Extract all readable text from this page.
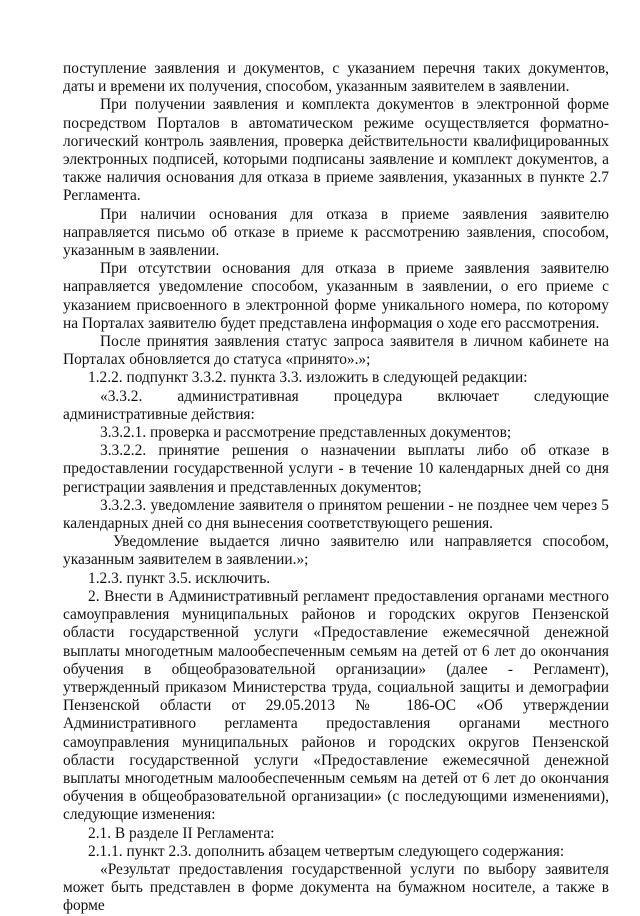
поступление заявления и документов, с указанием перечня таких документов, даты и времени их получения, способом, указанным заявителем в заявлении.

При получении заявления и комплекта документов в электронной форме посредством Порталов в автоматическом режиме осуществляется форматно-логический контроль заявления, проверка действительности квалифицированных электронных подписей, которыми подписаны заявление и комплект документов, а также наличия основания для отказа в приеме заявления, указанных в пункте 2.7 Регламента.

При наличии основания для отказа в приеме заявления заявителю направляется письмо об отказе в приеме к рассмотрению заявления, способом, указанным в заявлении.

При отсутствии основания для отказа в приеме заявления заявителю направляется уведомление способом, указанным в заявлении, о его приеме с указанием присвоенного в электронной форме уникального номера, по которому на Порталах заявителю будет представлена информация о ходе его рассмотрения.

После принятия заявления статус запроса заявителя в личном кабинете на Порталах обновляется до статуса «принято».»;

1.2.2. подпункт 3.3.2. пункта 3.3. изложить в следующей редакции:

«3.3.2. административная процедура включает следующие административные действия:

3.3.2.1. проверка и рассмотрение представленных документов;

3.3.2.2. принятие решения о назначении выплаты либо об отказе в предоставлении государственной услуги - в течение 10 календарных дней со дня регистрации заявления и представленных документов;

3.3.2.3. уведомление заявителя о принятом решении - не позднее чем через 5 календарных дней со дня вынесения соответствующего решения.

Уведомление выдается лично заявителю или направляется способом, указанным заявителем в заявлении.»;

1.2.3. пункт 3.5. исключить.

2. Внести в Административный регламент предоставления органами местного самоуправления муниципальных районов и городских округов Пензенской области государственной услуги «Предоставление ежемесячной денежной выплаты многодетным малообеспеченным семьям на детей от 6 лет до окончания обучения в общеобразовательной организации» (далее - Регламент), утвержденный приказом Министерства труда, социальной защиты и демографии Пензенской области от 29.05.2013 № 186-ОС «Об утверждении Административного регламента предоставления органами местного самоуправления муниципальных районов и городских округов Пензенской области государственной услуги «Предоставление ежемесячной денежной выплаты многодетным малообеспеченным семьям на детей от 6 лет до окончания обучения в общеобразовательной организации» (с последующими изменениями), следующие изменения:

2.1. В разделе II Регламента:

2.1.1. пункт 2.3. дополнить абзацем четвертым следующего содержания:

«Результат предоставления государственной услуги по выбору заявителя может быть представлен в форме документа на бумажном носителе, а также в форме
